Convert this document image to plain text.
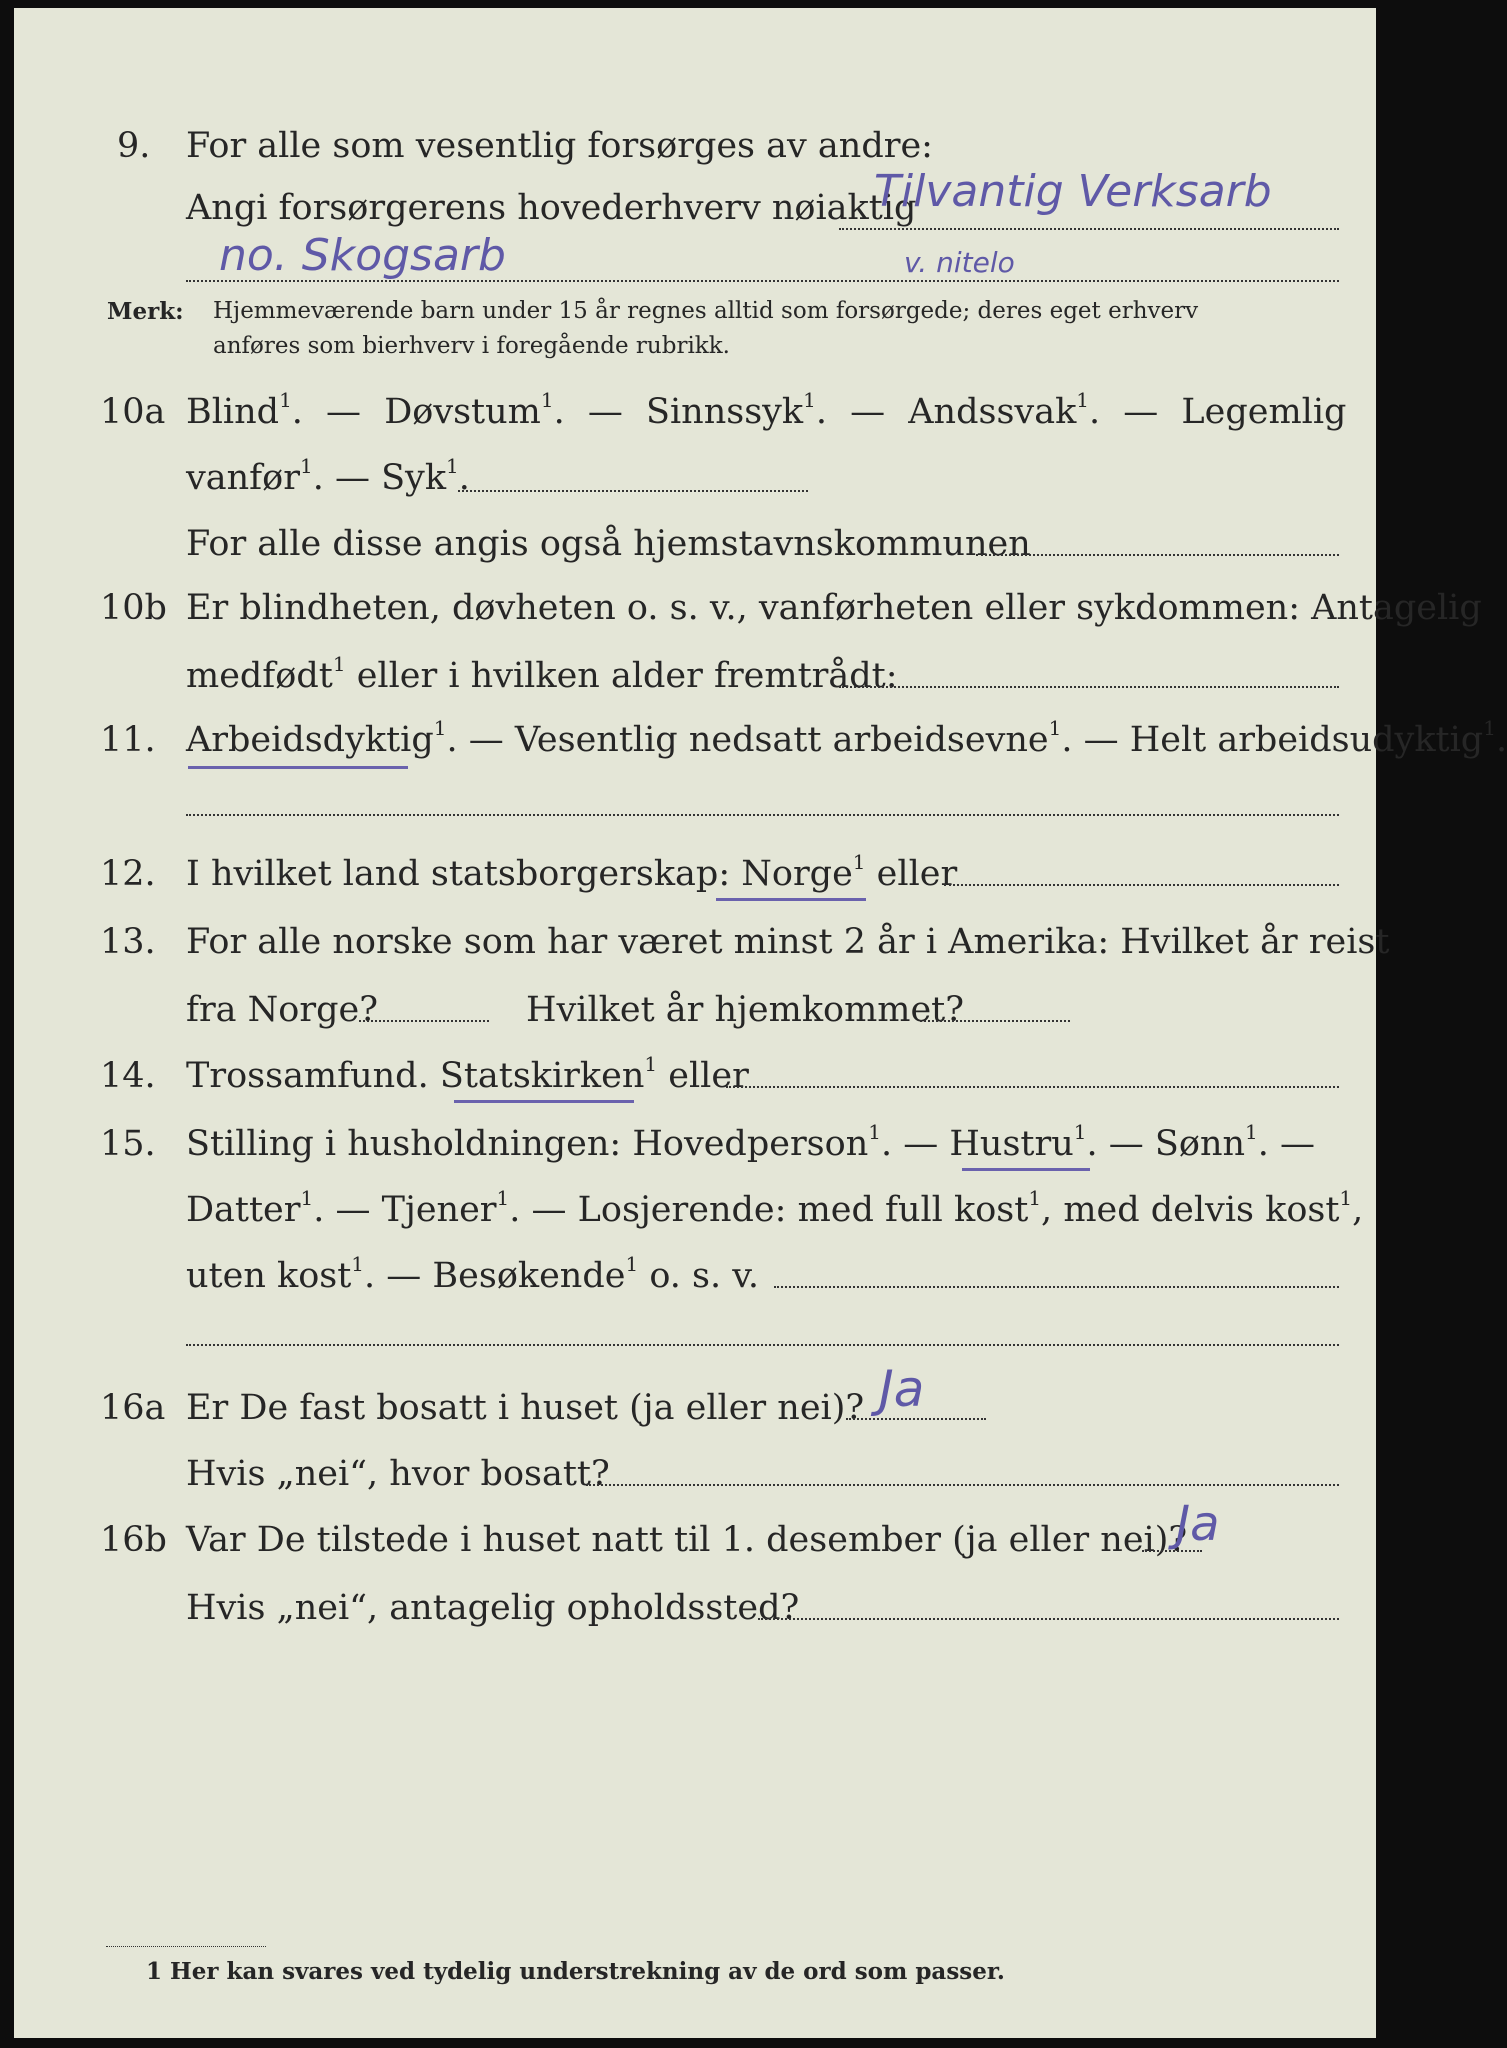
9. For alle som vesentlig forsørges av andre:
Angi forsørgerens hovederhverv nøiaktig
Tilvantig Verksarb
no. Skogsarb	v. nitelo
Merk: Hjemmeværende barn under 15 år regnes alltid som forsørgede; deres eget erhverv
anføres som bierhverv i foregående rubrikk.
10a Blind$^1$. — Døvstum$^1$. — Sinnssyk$^1$. — Andssvak$^1$. — Legemlig
vanfør$^1$. — Syk$^1$.
For alle disse angis også hjemstavnskommunen
10b Er blindheten, døvheten o. s. v., vanførheten eller sykdommen: Antagelig
medfødt$^1$ eller i hvilken alder fremtrådt:
11. Arbeidsdyktig$^1$. — Vesentlig nedsatt arbeidsevne$^1$. — Helt arbeidsudyktig$^1$.
12. I hvilket land statsborgerskap: Norge$^1$ eller
13. For alle norske som har været minst 2 år i Amerika: Hvilket år reist
fra Norge?	Hvilket år hjemkommet?
14. Trossamfund. Statskirken$^1$ eller
15. Stilling i husholdningen: Hovedperson$^1$. — Hustru$^1$. — Sønn$^1$. —
Datter$^1$. — Tjener$^1$. — Losjerende: med full kost$^1$, med delvis kost$^1$,
uten kost$^1$. — Besøkende$^1$ o. s. v.
16a Er De fast bosatt i huset (ja eller nei)? Ja
Hvis „nei“, hvor bosatt?
16b Var De tilstede i huset natt til 1. desember (ja eller nei)?
Ja
Hvis „nei“, antagelig opholdssted?
1 Her kan svares ved tydelig understrekning av de ord som passer.
